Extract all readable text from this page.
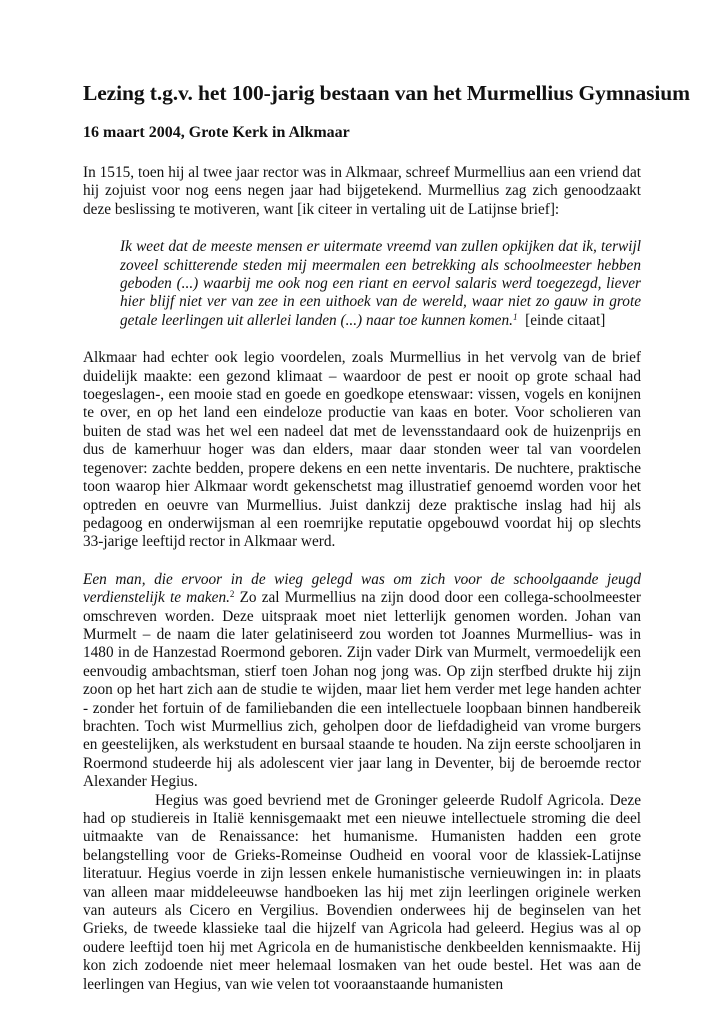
Lezing t.g.v. het 100-jarig bestaan van het Murmellius Gymnasium
16 maart 2004, Grote Kerk in Alkmaar

In 1515, toen hij al twee jaar rector was in Alkmaar, schreef Murmellius aan een vriend dat hij zojuist voor nog eens negen jaar had bijgetekend. Murmellius zag zich genoodzaakt deze beslissing te motiveren, want [ik citeer in vertaling uit de Latijnse brief]:

Ik weet dat de meeste mensen er uitermate vreemd van zullen opkijken dat ik, terwijl zoveel schitterende steden mij meermalen een betrekking als schoolmeester hebben geboden (...) waarbij me ook nog een riant en eervol salaris werd toegezegd, liever hier blijf niet ver van zee in een uithoek van de wereld, waar niet zo gauw in grote getale leerlingen uit allerlei landen (...) naar toe kunnen komen.$^1$ [einde citaat]

Alkmaar had echter ook legio voordelen, zoals Murmellius in het vervolg van de brief duidelijk maakte: een gezond klimaat – waardoor de pest er nooit op grote schaal had toegeslagen-, een mooie stad en goede en goedkope etenswaar: vissen, vogels en konijnen te over, en op het land een eindeloze productie van kaas en boter. Voor scholieren van buiten de stad was het wel een nadeel dat met de levensstandaard ook de huizenprijs en dus de kamerhuur hoger was dan elders, maar daar stonden weer tal van voordelen tegenover: zachte bedden, propere dekens en een nette inventaris. De nuchtere, praktische toon waarop hier Alkmaar wordt gekenschetst mag illustratief genoemd worden voor het optreden en oeuvre van Murmellius. Juist dankzij deze praktische inslag had hij als pedagoog en onderwijsman al een roemrijke reputatie opgebouwd voordat hij op slechts 33-jarige leeftijd rector in Alkmaar werd.

Een man, die ervoor in de wieg gelegd was om zich voor de schoolgaande jeugd verdienstelijk te maken.$^2$ Zo zal Murmellius na zijn dood door een collega-schoolmeester omschreven worden. Deze uitspraak moet niet letterlijk genomen worden. Johan van Murmelt – de naam die later gelatiniseerd zou worden tot Joannes Murmellius- was in 1480 in de Hanzestad Roermond geboren. Zijn vader Dirk van Murmelt, vermoedelijk een eenvoudig ambachtsman, stierf toen Johan nog jong was. Op zijn sterfbed drukte hij zijn zoon op het hart zich aan de studie te wijden, maar liet hem verder met lege handen achter - zonder het fortuin of de familiebanden die een intellectuele loopbaan binnen handbereik brachten. Toch wist Murmellius zich, geholpen door de liefdadigheid van vrome burgers en geestelijken, als werkstudent en bursaal staande te houden. Na zijn eerste schooljaren in Roermond studeerde hij als adolescent vier jaar lang in Deventer, bij de beroemde rector Alexander Hegius.

Hegius was goed bevriend met de Groninger geleerde Rudolf Agricola. Deze had op studiereis in Italië kennisgemaakt met een nieuwe intellectuele stroming die deel uitmaakte van de Renaissance: het humanisme. Humanisten hadden een grote belangstelling voor de Grieks-Romeinse Oudheid en vooral voor de klassiek-Latijnse literatuur. Hegius voerde in zijn lessen enkele humanistische vernieuwingen in: in plaats van alleen maar middeleeuwse handboeken las hij met zijn leerlingen originele werken van auteurs als Cicero en Vergilius. Bovendien onderwees hij de beginselen van het Grieks, de tweede klassieke taal die hijzelf van Agricola had geleerd. Hegius was al op oudere leeftijd toen hij met Agricola en de humanistische denkbeelden kennismaakte. Hij kon zich zodoende niet meer helemaal losmaken van het oude bestel. Het was aan de leerlingen van Hegius, van wie velen tot vooraanstaande humanisten
